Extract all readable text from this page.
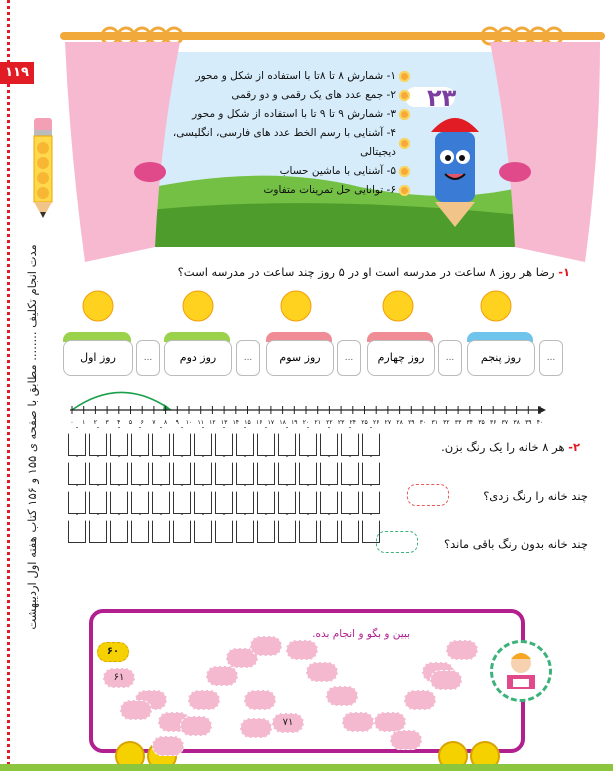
۱۱۹
مدت انجام تکلیف ........ مطابق با صفحه ی ۱۵۵ و ۱۵۶ کتاب هفته اول اردیبهشت
۲۳
۱- شمارش ۸ تا ۸تا با استفاده از شکل و محور
۲- جمع عدد های یک رقمی و دو رقمی
۳- شمارش ۹ تا ۹ تا با استفاده از شکل و محور
۴- آشنایی با رسم الخط عدد های فارسی، انگلیسی، دیجیتالی
۵- آشنایی با ماشین حساب
۶- توانایی حل تمرینات متفاوت
۱- رضا هر روز ۸ ساعت در مدرسه است او در ۵ روز چند ساعت در مدرسه است؟
روز اول	...	روز دوم	...	روز سوم	...	روز چهارم	...	روز پنجم	...
۰ ۱ ۲ ۳ ۴ ۵ ۶ ۷ ۸ ۹ ۱۰ ۱۱ ۱۲ ۱۳ ۱۴ ۱۵ ۱۶ ۱۷ ۱۸ ۱۹ ۲۰ ۲۱ ۲۲ ۲۳ ۲۴ ۲۵ ۲۶ ۲۷ ۲۸ ۲۹ ۳۰ ۳۱ ۳۲ ۳۳ ۳۴ ۳۵ ۳۶ ۳۷ ۳۸ ۳۹ ۴۰
۲- هر ۸ خانه را یک رنگ بزن.
چند خانه را رنگ زدی؟
چند خانه بدون رنگ باقی ماند؟
ببین و بگو و انجام بده.
۶۰
۶۱
۷۱
